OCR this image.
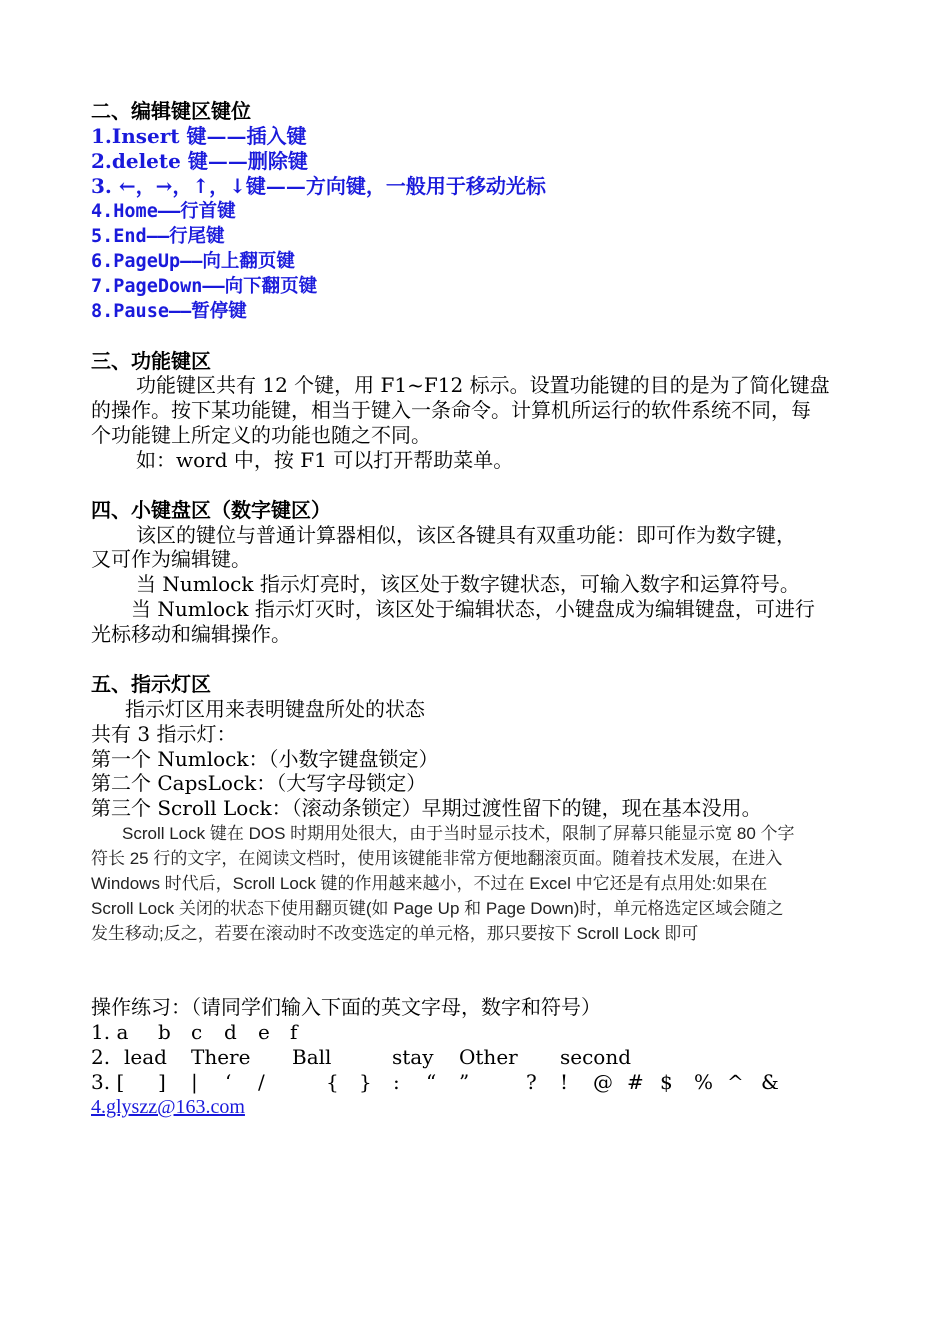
二、编辑键区键位
1.Insert 键——插入键
2.delete 键——删除键
3. ←，→，↑，↓键——方向键，一般用于移动光标
4.Home——行首键
5.End——行尾键
6.PageUp——向上翻页键
7.PageDown——向下翻页键
8.Pause——暂停键
三、功能键区
功能键区共有 12 个键，用 F1~F12 标示。设置功能键的目的是为了简化键盘
的操作。按下某功能键，相当于键入一条命令。计算机所运行的软件系统不同，每
个功能键上所定义的功能也随之不同。
如：word 中，按 F1 可以打开帮助菜单。
四、小键盘区（数字键区）
该区的键位与普通计算器相似，该区各键具有双重功能：即可作为数字键，
又可作为编辑键。
当 Numlock 指示灯亮时，该区处于数字键状态，可输入数字和运算符号。
当 Numlock 指示灯灭时，该区处于编辑状态，小键盘成为编辑键盘，可进行
光标移动和编辑操作。
五、指示灯区
指示灯区用来表明键盘所处的状态
共有 3 指示灯：
第一个 Numlock：（小数字键盘锁定）
第二个 CapsLock：（大写字母锁定）
第三个 Scroll Lock：（滚动条锁定）早期过渡性留下的键，现在基本没用。
Scroll Lock 键在 DOS 时期用处很大，由于当时显示技术，限制了屏幕只能显示宽 80 个字
符长 25 行的文字，在阅读文档时，使用该键能非常方便地翻滚页面。随着技术发展，在进入
Windows 时代后，Scroll Lock 键的作用越来越小，不过在 Excel 中它还是有点用处:如果在
Scroll Lock 关闭的状态下使用翻页键(如 Page Up 和 Page Down)时，单元格选定区域会随之
发生移动;反之，若要在滚动时不改变选定的单元格，那只要按下 Scroll Lock 即可
操作练习：（请同学们输入下面的英文字母，数字和符号）
1. a b c d e f
2. lead There Ball	stay Other second
3. [ ] | ‘ /	{ } : “ ”	? ! @ # $ % ^ &
4.glyszz@163.com
